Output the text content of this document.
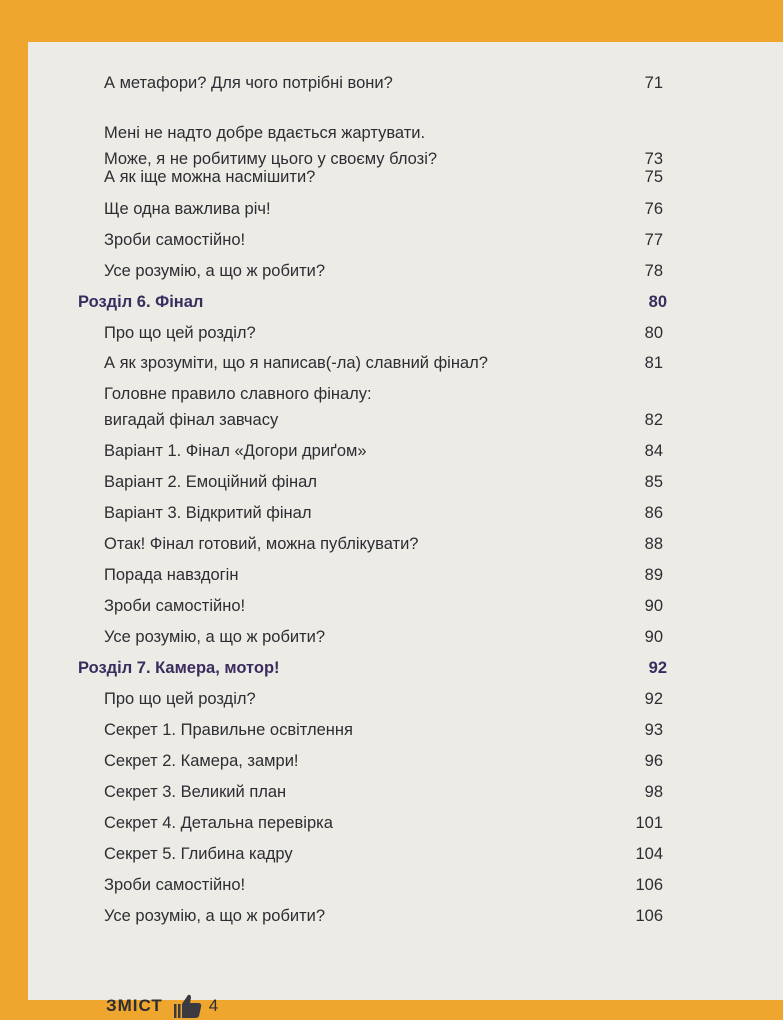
А метафори? Для чого потрібні вони?	71
Мені не надто добре вдається жартувати.
Може, я не робитиму цього у своєму блозі?	73
А як іще можна насмішити?	75
Ще одна важлива річ!	76
Зроби самостійно!	77
Усе розумію, а що ж робити?	78
Розділ 6. Фінал	80
Про що цей розділ?	80
А як зрозуміти, що я написав(-ла) славний фінал?	81
Головне правило славного фіналу:
вигадай фінал завчасу	82
Варіант 1. Фінал «Догори дриґом»	84
Варіант 2. Емоційний фінал	85
Варіант 3. Відкритий фінал	86
Отак! Фінал готовий, можна публікувати?	88
Порада навздогін	89
Зроби самостійно!	90
Усе розумію, а що ж робити?	90
Розділ 7. Камера, мотор!	92
Про що цей розділ?	92
Секрет 1. Правильне освітлення	93
Секрет 2. Камера, замри!	96
Секрет 3. Великий план	98
Секрет 4. Детальна перевірка	101
Секрет 5. Глибина кадру	104
Зроби самостійно!	106
Усе розумію, а що ж робити?	106
ЗМІСТ	4
